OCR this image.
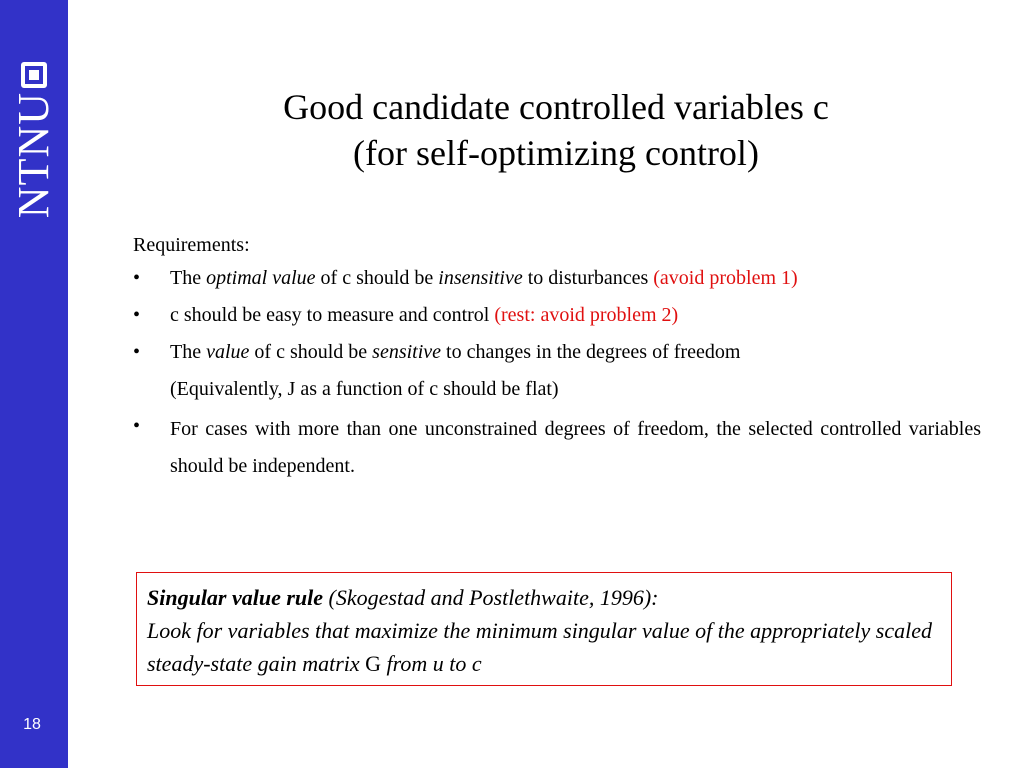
NTNU
18
Good candidate controlled variables c
(for self-optimizing control)
Requirements:
• The optimal value of c should be insensitive to disturbances (avoid problem 1)
• c should be easy to measure and control (rest: avoid problem 2)
• The value of c should be sensitive to changes in the degrees of freedom
(Equivalently, J as a function of c should be flat)
• For cases with more than one unconstrained degrees of freedom, the selected controlled variables should be independent.
Singular value rule (Skogestad and Postlethwaite, 1996):
Look for variables that maximize the minimum singular value of the appropriately scaled steady-state gain matrix G from u to c
